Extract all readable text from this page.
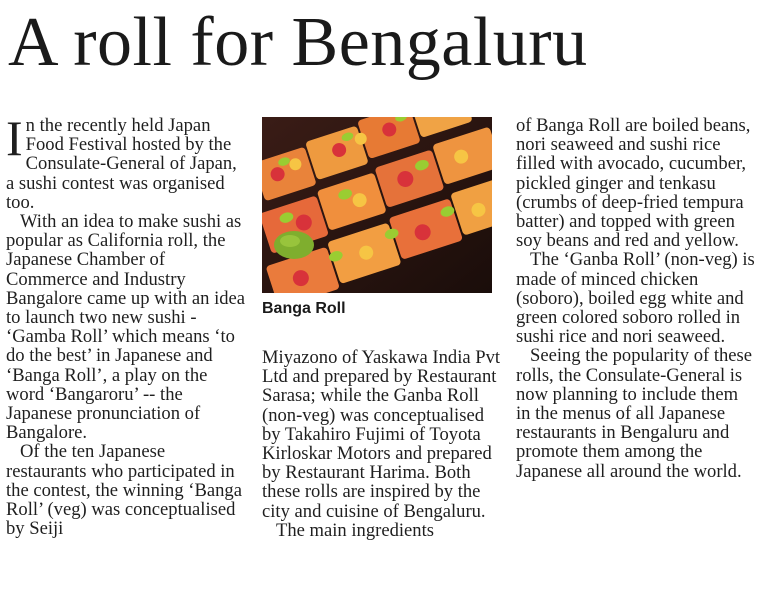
A roll for Bengaluru

In the recently held Japan Food Festival hosted by the Consulate-General of Japan, a sushi contest was organised too.

With an idea to make sushi as popular as California roll, the Japanese Chamber of Commerce and Industry Bangalore came up with an idea to launch two new sushi - ‘Gamba Roll’ which means ‘to do the best’ in Japanese and ‘Banga Roll’, a play on the word ‘Bangaroru’ -- the Japanese pronunciation of Bangalore.

Of the ten Japanese restaurants who participated in the contest, the winning ‘Banga Roll’ (veg) was conceptualised by Seiji

Banga Roll

Miyazono of Yaskawa India Pvt Ltd and prepared by Restaurant Sarasa; while the Ganba Roll (non-veg) was conceptualised by Takahiro Fujimi of Toyota Kirloskar Motors and prepared by Restaurant Harima. Both these rolls are inspired by the city and cuisine of Bengaluru.

The main ingredients

of Banga Roll are boiled beans, nori seaweed and sushi rice filled with avocado, cucumber, pickled ginger and tenkasu (crumbs of deep-fried tempura batter) and topped with green soy beans and red and yellow.

The ‘Ganba Roll’ (non-veg) is made of minced chicken (soboro), boiled egg white and green colored soboro rolled in sushi rice and nori seaweed.

Seeing the popularity of these rolls, the Consulate-General is now planning to include them in the menus of all Japanese restaurants in Bengaluru and promote them among the Japanese all around the world.
